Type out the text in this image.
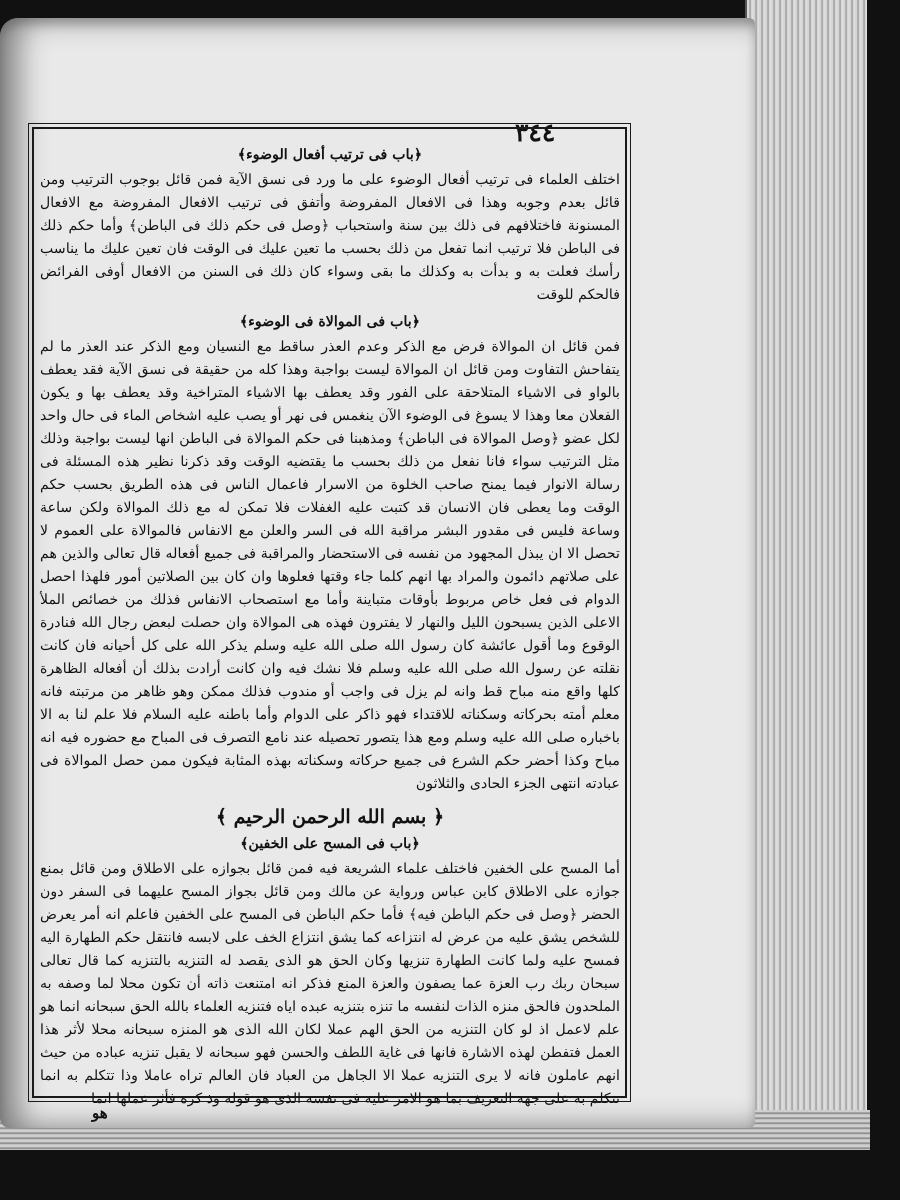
٣٤٤
﴿باب فى ترتيب أفعال الوضوء﴾

اختلف العلماء فى ترتيب أفعال الوضوء على ما ورد فى نسق الآية فمن قائل بوجوب الترتيب ومن قائل بعدم وجوبه وهذا فى الافعال المفروضة وأتفق فى ترتيب الافعال المفروضة مع الافعال المسنونة فاختلافهم فى ذلك بين سنة واستحباب ﴿وصل فى حكم ذلك فى الباطن﴾ وأما حكم ذلك فى الباطن فلا ترتيب انما تفعل من ذلك بحسب ما تعين عليك فى الوقت فان تعين عليك ما يناسب رأسك فعلت به و بدأت به وكذلك ما بقى وسواء كان ذلك فى السنن من الافعال أوفى الفرائض فالحكم للوقت

﴿باب فى الموالاة فى الوضوء﴾

فمن قائل ان الموالاة فرض مع الذكر وعدم العذر ساقط مع النسيان ومع الذكر عند العذر ما لم يتفاحش التفاوت ومن قائل ان الموالاة ليست بواجبة وهذا كله من حقيقة فى نسق الآية فقد يعطف بالواو فى الاشياء المتلاحقة على الفور وقد يعطف بها الاشياء المتراخية وقد يعطف بها و يكون الفعلان معا وهذا لا يسوغ فى الوضوء الآن ينغمس فى نهر أو يصب عليه اشخاص الماء فى حال واحد لكل عضو ﴿وصل الموالاة فى الباطن﴾ ومذهبنا فى حكم الموالاة فى الباطن انها ليست بواجبة وذلك مثل الترتيب سواء فانا نفعل من ذلك بحسب ما يقتضيه الوقت وقد ذكرنا نظير هذه المسئلة فى رسالة الانوار فيما يمنح صاحب الخلوة من الاسرار فاعمال الناس فى هذه الطريق بحسب حكم الوقت وما يعطى فان الانسان قد كتبت عليه الغفلات فلا تمكن له مع ذلك الموالاة ولكن ساعة وساعة فليس فى مقدور البشر مراقبة الله فى السر والعلن مع الانفاس فالموالاة على العموم لا تحصل الا ان يبذل المجهود من نفسه فى الاستحضار والمراقبة فى جميع أفعاله قال تعالى والذين هم على صلاتهم دائمون والمراد بها انهم كلما جاء وقتها فعلوها وان كان بين الصلاتين أمور فلهذا احصل الدوام فى فعل خاص مربوط بأوقات متباينة وأما مع استصحاب الانفاس فذلك من خصائص الملأ الاعلى الذين يسبحون الليل والنهار لا يفترون فهذه هى الموالاة وان حصلت لبعض رجال الله فنادرة الوقوع وما أقول عائشة كان رسول الله صلى الله عليه وسلم يذكر الله على كل أحيانه فان كانت نقلته عن رسول الله صلى الله عليه وسلم فلا نشك فيه وان كانت أرادت بذلك أن أفعاله الظاهرة كلها واقع منه مباح قط وانه لم يزل فى واجب أو مندوب فذلك ممكن وهو ظاهر من مرتبته فانه معلم أمته بحركاته وسكناته للاقتداء فهو ذاكر على الدوام وأما باطنه عليه السلام فلا علم لنا به الا باخباره صلى الله عليه وسلم ومع هذا يتصور تحصيله عند نامع التصرف فى المباح مع حضوره فيه انه مباح وكذا أحضر حكم الشرع فى جميع حركاته وسكناته بهذه المثابة فيكون ممن حصل الموالاة فى عبادته انتهى الجزء الحادى والثلاثون

﴿ بسم الله الرحمن الرحيم ﴾
﴿باب فى المسح على الخفين﴾

أما المسح على الخفين فاختلف علماء الشريعة فيه فمن قائل بجوازه على الاطلاق ومن قائل بمنع جوازه على الاطلاق كابن عباس ورواية عن مالك ومن قائل بجواز المسح عليهما فى السفر دون الحضر ﴿وصل فى حكم الباطن فيه﴾ فأما حكم الباطن فى المسح على الخفين فاعلم انه أمر يعرض للشخص يشق عليه من عرض له انتزاعه كما يشق انتزاع الخف على لابسه فانتقل حكم الطهارة اليه فمسح عليه ولما كانت الطهارة تنزيها وكان الحق هو الذى يقصد له التنزيه بالتنزيه كما قال تعالى سبحان ربك رب العزة عما يصفون والعزة المنع فذكر انه امتنعت ذاته أن تكون محلا لما وصفه به الملحدون فالحق منزه الذات لنفسه ما تنزه بتنزيه عبده اياه فتنزيه العلماء بالله الحق سبحانه انما هو علم لاعمل اذ لو كان التنزيه من الحق الهم عملا لكان الله الذى هو المنزه سبحانه محلا لأثر هذا العمل فتفطن لهذه الاشارة فانها فى غاية اللطف والحسن فهو سبحانه لا يقبل تنزيه عباده من حيث انهم عاملون فانه لا يرى التنزيه عملا الا الجاهل من العباد فان العالم تراه عاملا وذا تتكلم به انما تتكلم به على جهة التعريف بما هو الامر عليه فى نفسه الذى هو قوله وذ كره فأثر عملها انما

هو
